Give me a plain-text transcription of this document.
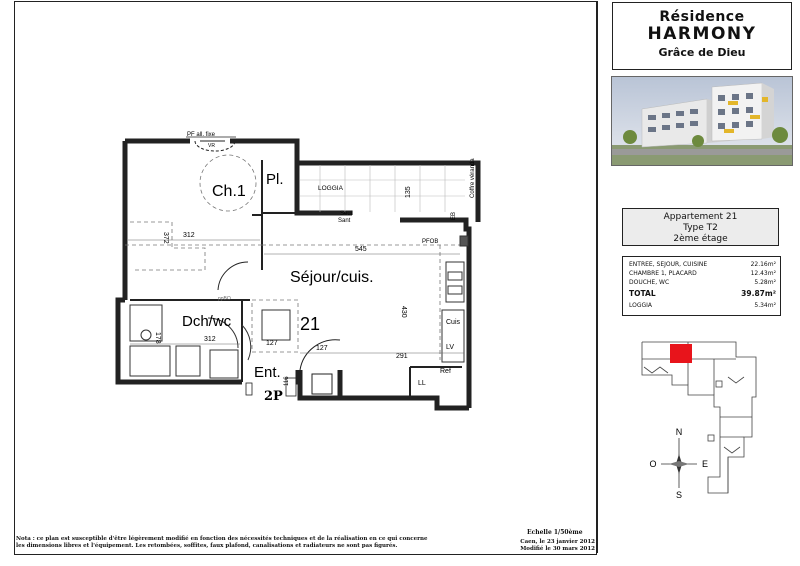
Résidence
HARMONY
Grâce de Dieu
Appartement 21
Type T2
2ème étage
ENTREE, SEJOUR, CUISINE	22.16m²
CHAMBRE 1, PLACARD	12.43m²
DOUCHE, WC	5.28m²
TOTAL	39.87m²
LOGGIA	5.34m²
N
S
O	E
Ch.1
Pl.
LOGGIA
Séjour/cuis.
Dch/wc
Ent.
2P
21
PF all. fixe
VR
Seuil
Sant
PFOB
Coffre véranda
EB
Cuis
LV
Ref
LL
ppBO
135
372 312
545
430
178	312
127
127
291
116
Echelle 1/50ème
Nota : ce plan est susceptible d'être légèrement modifié en fonction des nécessités techniques et de la réalisation en ce qui concerne
les dimensions libres et l'équipement. Les retombées, soffites, faux plafond, canalisations et radiateurs ne sont pas figurés.
Caen, le 23 janvier 2012
Modifié le 30 mars 2012
